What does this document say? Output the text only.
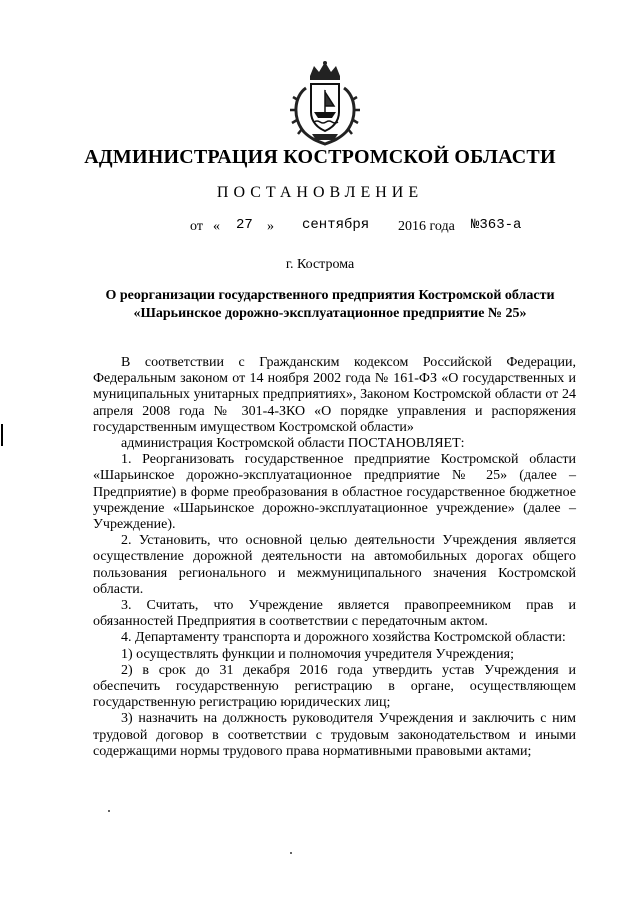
АДМИНИСТРАЦИЯ КОСТРОМСКОЙ ОБЛАСТИ
ПОСТАНОВЛЕНИЕ
от « 27 » сентября 2016 года №363-а
г. Кострома
О реорганизации государственного предприятия Костромской области
«Шарьинское дорожно-эксплуатационное предприятие № 25»

В соответствии с Гражданским кодексом Российской Федерации, Федеральным законом от 14 ноября 2002 года № 161-ФЗ «О государственных и муниципальных унитарных предприятиях», Законом Костромской области от 24 апреля 2008 года № 301-4-ЗКО «О порядке управления и распоряжения государственным имуществом Костромской области»

администрация Костромской области ПОСТАНОВЛЯЕТ:

1. Реорганизовать государственное предприятие Костромской области «Шарьинское дорожно-эксплуатационное предприятие № 25» (далее – Предприятие) в форме преобразования в областное государственное бюджетное учреждение «Шарьинское дорожно-эксплуатационное учреждение» (далее – Учреждение).

2. Установить, что основной целью деятельности Учреждения является осуществление дорожной деятельности на автомобильных дорогах общего пользования регионального и межмуниципального значения Костромской области.

3. Считать, что Учреждение является правопреемником прав и обязанностей Предприятия в соответствии с передаточным актом.

4. Департаменту транспорта и дорожного хозяйства Костромской области:

1) осуществлять функции и полномочия учредителя Учреждения;

2) в срок до 31 декабря 2016 года утвердить устав Учреждения и обеспечить государственную регистрацию в органе, осуществляющем государственную регистрацию юридических лиц;

3) назначить на должность руководителя Учреждения и заключить с ним трудовой договор в соответствии с трудовым законодательством и иными содержащими нормы трудового права нормативными правовыми актами;
